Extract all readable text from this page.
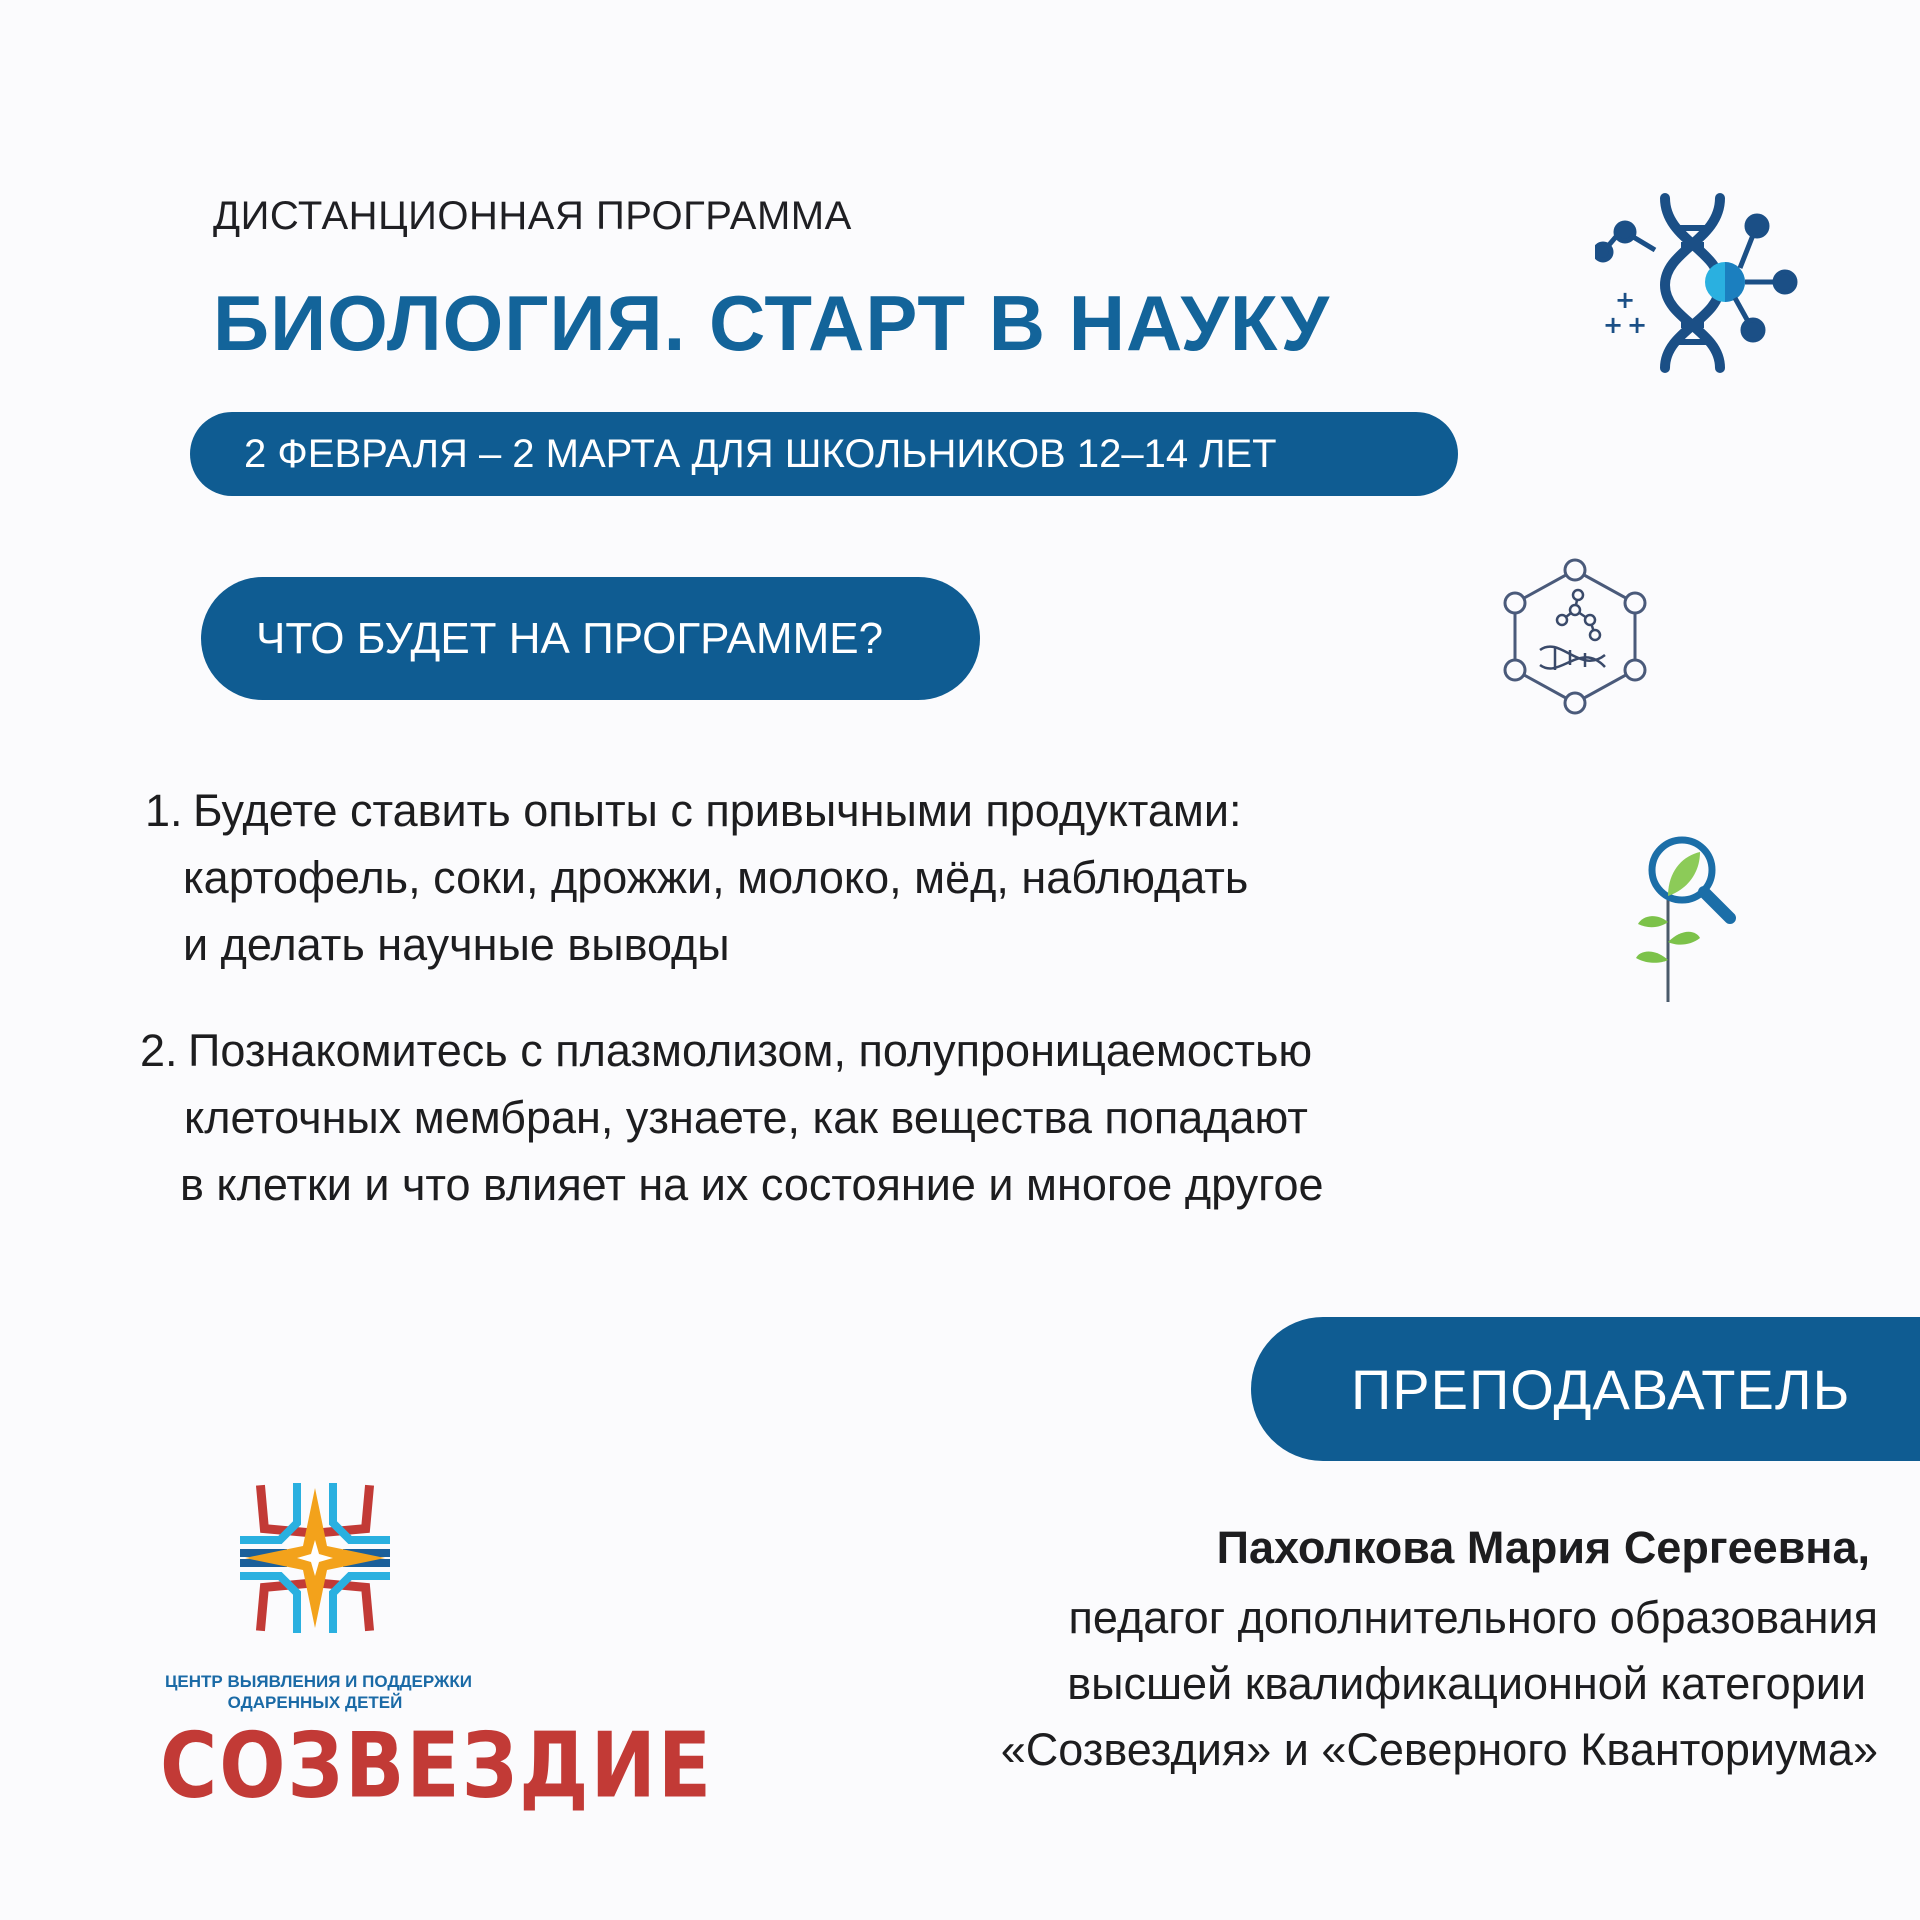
ДИСТАНЦИОННАЯ ПРОГРАММА
БИОЛОГИЯ. СТАРТ В НАУКУ	+
+ +
2 ФЕВРАЛЯ – 2 МАРТА ДЛЯ ШКОЛЬНИКОВ 12–14 ЛЕТ
ЧТО БУДЕТ НА ПРОГРАММЕ?
1. Будете ставить опыты с привычными продуктами:
картофель, соки, дрожжи, молоко, мёд, наблюдать
и делать научные выводы
2. Познакомитесь с плазмолизом, полупроницаемостью
клеточных мембран, узнаете, как вещества попадают
в клетки и что влияет на их состояние и многое другое
ПРЕПОДАВАТЕЛЬ
Пахолкова Мария Сергеевна,
педагог дополнительного образования
высшей квалификационной категории
«Созвездия» и «Северного Кванториума»
ЦЕНТР ВЫЯВЛЕНИЯ И ПОДДЕРЖКИ
ОДАРЕННЫХ ДЕТЕЙ
СОЗВЕЗДИЕ
